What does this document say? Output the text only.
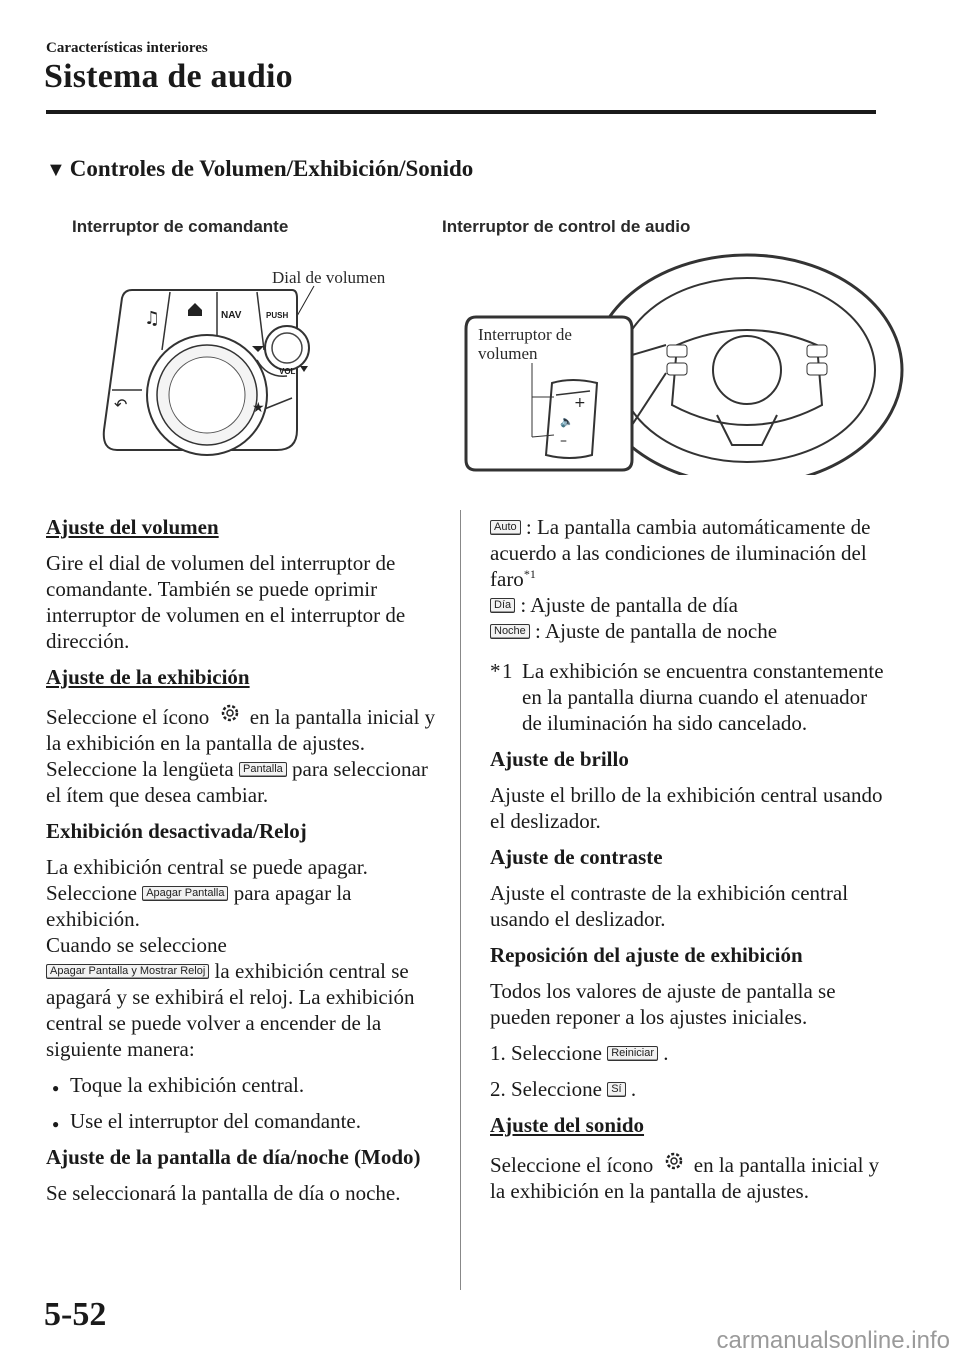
Características interiores
Sistema de audio
▼ Controles de Volumen/Exhibición/Sonido
Interruptor de comandante
Dial de volumen
♫
↶	★
NAV	PUSH
VOL
Interruptor de control de audio
+
🔈
–
Interruptor de
volumen
Ajuste del volumen

Gire el dial de volumen del interruptor de comandante. También se puede oprimir interruptor de volumen en el interruptor de dirección.

Ajuste de la exhibición

Seleccione el ícono en la pantalla inicial y la exhibición en la pantalla de ajustes.
Seleccione la lengüeta Pantalla para seleccionar el ítem que desea cambiar.

Exhibición desactivada/Reloj

La exhibición central se puede apagar.
Seleccione Apagar Pantalla para apagar la exhibición.
Cuando se seleccione
Apagar Pantalla y Mostrar Reloj la exhibición central se apagará y se exhibirá el reloj. La exhibición central se puede volver a encender de la siguiente manera:

● Toque la exhibición central.
● Use el interruptor del comandante.
Ajuste de la pantalla de día/noche (Modo)

Se seleccionará la pantalla de día o noche.

Auto : La pantalla cambia automáticamente de acuerdo a las condiciones de iluminación del faro$^{*1}$
Día : Ajuste de pantalla de día
Noche : Ajuste de pantalla de noche

* 1 La exhibición se encuentra constantemente en la pantalla diurna cuando el atenuador de iluminación ha sido cancelado.
Ajuste de brillo

Ajuste el brillo de la exhibición central usando el deslizador.

Ajuste de contraste

Ajuste el contraste de la exhibición central usando el deslizador.

Reposición del ajuste de exhibición

Todos los valores de ajuste de pantalla se pueden reponer a los ajustes iniciales.

1. Seleccione Reiniciar .
2. Seleccione Sí .
Ajuste del sonido

Seleccione el ícono en la pantalla inicial y la exhibición en la pantalla de ajustes.

5-52
carmanualsonline.info
